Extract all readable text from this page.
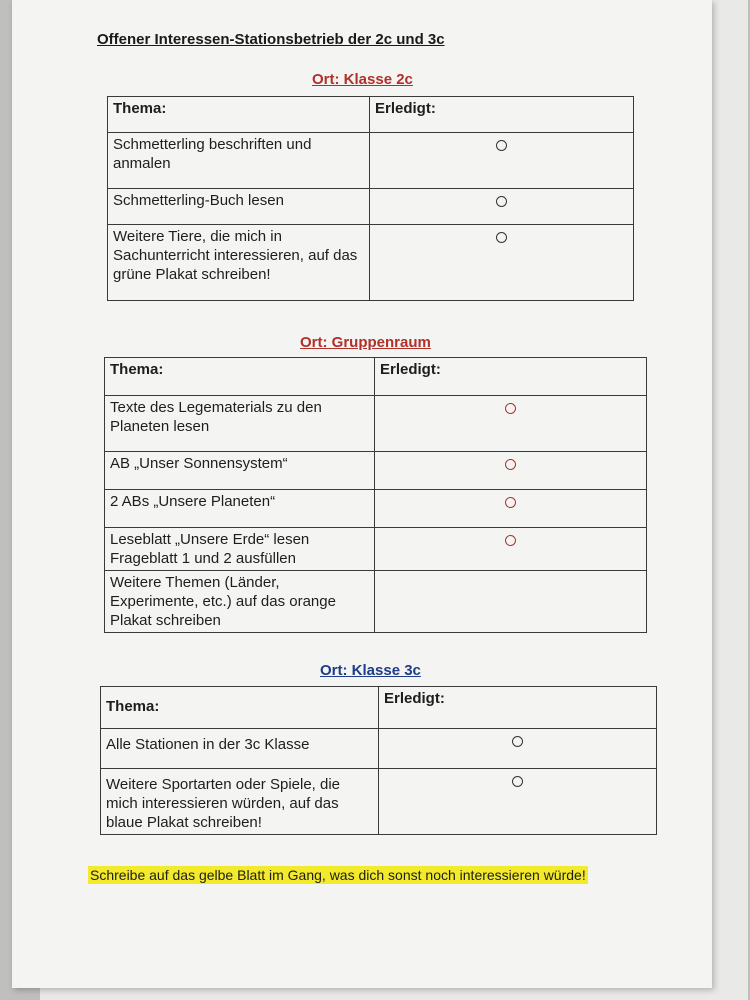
Offener Interessen-Stationsbetrieb der 2c und 3c
Ort: Klasse 2c
Thema:	Erledigt:
Schmetterling beschriften und anmalen	
Schmetterling-Buch lesen	
Weitere Tiere, die mich in Sachunterricht interessieren, auf das grüne Plakat schreiben!	
Ort: Gruppenraum
Thema:	Erledigt:
Texte des Legematerials zu den Planeten lesen	
AB „Unser Sonnensystem“	
2 ABs „Unsere Planeten“	
Leseblatt „Unsere Erde“ lesen Frageblatt 1 und 2 ausfüllen	
Weitere Themen (Länder, Experimente, etc.) auf das orange Plakat schreiben	
Ort: Klasse 3c
Thema:	Erledigt:
Alle Stationen in der 3c Klasse	
Weitere Sportarten oder Spiele, die mich interessieren würden, auf das blaue Plakat schreiben!	
Schreibe auf das gelbe Blatt im Gang, was dich sonst noch interessieren würde!
